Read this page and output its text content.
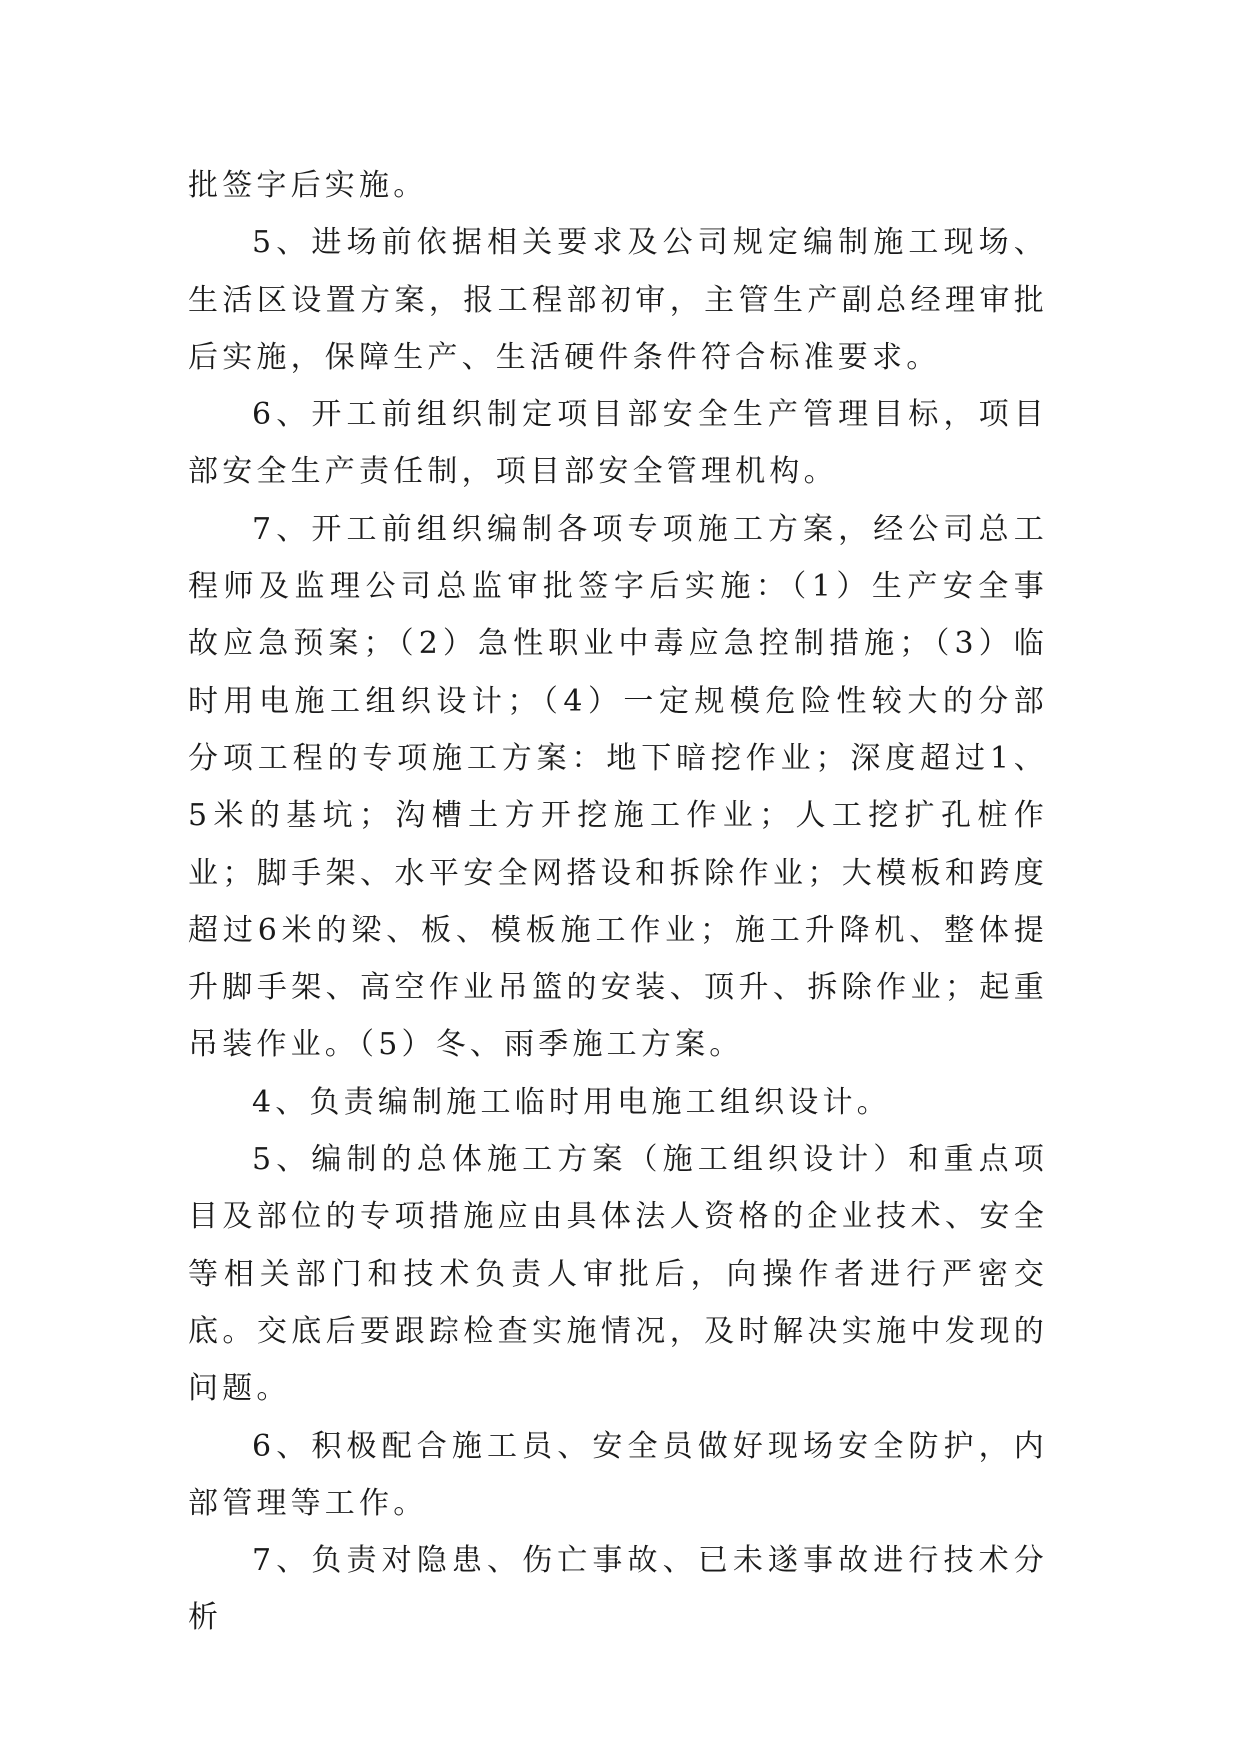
批签字后实施。

5、进场前依据相关要求及公司规定编制施工现场、生活区设置方案，报工程部初审，主管生产副总经理审批后实施，保障生产、生活硬件条件符合标准要求。

6、开工前组织制定项目部安全生产管理目标，项目部安全生产责任制，项目部安全管理机构。

7、开工前组织编制各项专项施工方案，经公司总工程师及监理公司总监审批签字后实施：（1）生产安全事故应急预案；（2）急性职业中毒应急控制措施；（3）临时用电施工组织设计；（4）一定规模危险性较大的分部分项工程的专项施工方案：地下暗挖作业；深度超过1、5米的基坑；沟槽土方开挖施工作业；人工挖扩孔桩作业；脚手架、水平安全网搭设和拆除作业；大模板和跨度超过6米的梁、板、模板施工作业；施工升降机、整体提升脚手架、高空作业吊篮的安装、顶升、拆除作业；起重吊装作业。（5）冬、雨季施工方案。

4、负责编制施工临时用电施工组织设计。

5、编制的总体施工方案（施工组织设计）和重点项目及部位的专项措施应由具体法人资格的企业技术、安全等相关部门和技术负责人审批后，向操作者进行严密交底。交底后要跟踪检查实施情况，及时解决实施中发现的问题。

6、积极配合施工员、安全员做好现场安全防护，内部管理等工作。

7、负责对隐患、伤亡事故、已未遂事故进行技术分析
